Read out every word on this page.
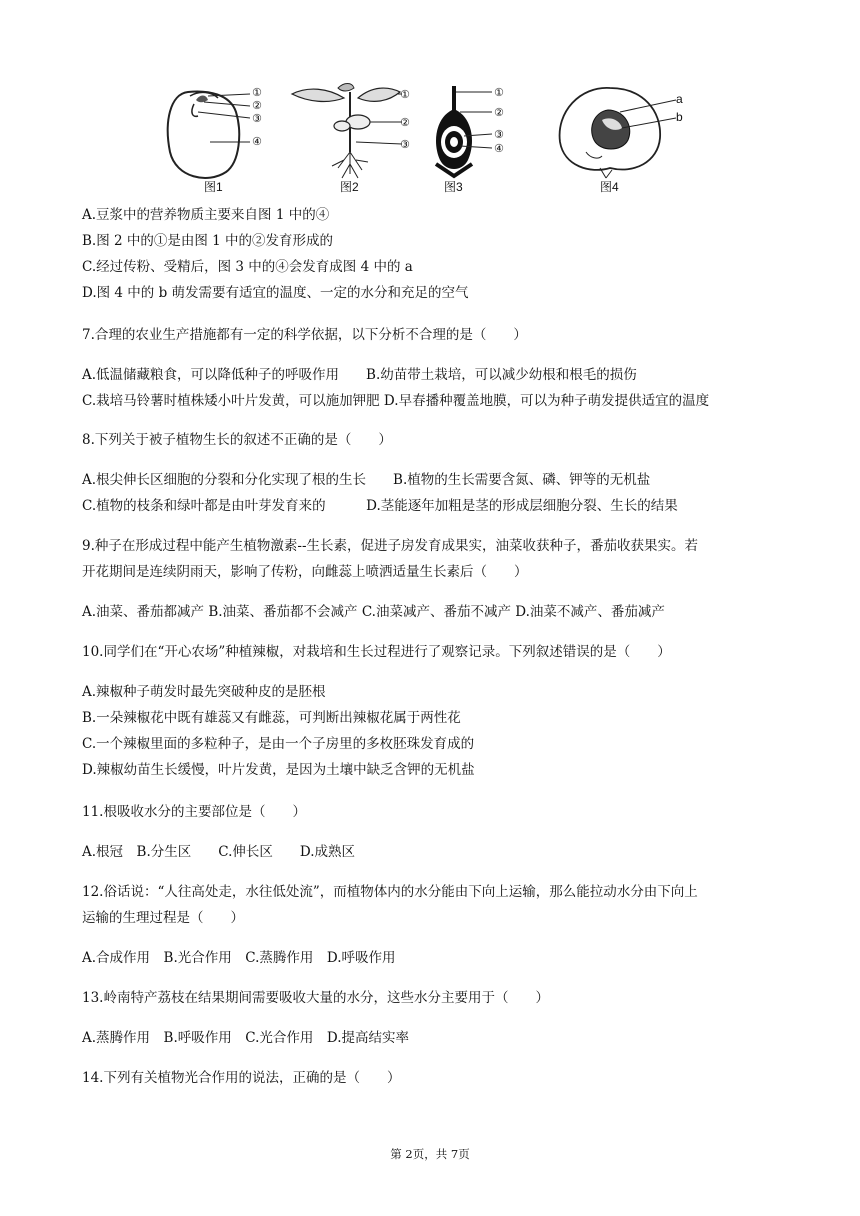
①
②
③
④
图1
①
②
③
图2
①
②
③
④
图3
a
b
图4
A.豆浆中的营养物质主要来自图 1 中的④
B.图 2 中的①是由图 1 中的②发育形成的
C.经过传粉、受精后，图 3 中的④会发育成图 4 中的 a
D.图 4 中的 b 萌发需要有适宜的温度、一定的水分和充足的空气
7.合理的农业生产措施都有一定的科学依据，以下分析不合理的是（　　）
A.低温储藏粮食，可以降低种子的呼吸作用　　B.幼苗带土栽培，可以减少幼根和根毛的损伤
C.栽培马铃薯时植株矮小叶片发黄，可以施加钾肥 D.早春播种覆盖地膜，可以为种子萌发提供适宜的温度
8.下列关于被子植物生长的叙述不正确的是（　　）
A.根尖伸长区细胞的分裂和分化实现了根的生长　　B.植物的生长需要含氮、磷、钾等的无机盐
C.植物的枝条和绿叶都是由叶芽发育来的　　　D.茎能逐年加粗是茎的形成层细胞分裂、生长的结果
9.种子在形成过程中能产生植物激素--生长素，促进子房发育成果实，油菜收获种子，番茄收获果实。若
开花期间是连续阴雨天，影响了传粉，向雌蕊上喷洒适量生长素后（　　）
A.油菜、番茄都减产 B.油菜、番茄都不会减产 C.油菜减产、番茄不减产 D.油菜不减产、番茄减产
10.同学们在“开心农场”种植辣椒，对栽培和生长过程进行了观察记录。下列叙述错误的是（　　）
A.辣椒种子萌发时最先突破种皮的是胚根
B.一朵辣椒花中既有雄蕊又有雌蕊，可判断出辣椒花属于两性花
C.一个辣椒里面的多粒种子，是由一个子房里的多枚胚珠发育成的
D.辣椒幼苗生长缓慢，叶片发黄，是因为土壤中缺乏含钾的无机盐
11.根吸收水分的主要部位是（　　）
A.根冠　B.分生区　　C.伸长区　　D.成熟区
12.俗话说：“人往高处走，水往低处流”，而植物体内的水分能由下向上运输，那么能拉动水分由下向上
运输的生理过程是（　　）
A.合成作用　B.光合作用　C.蒸腾作用　D.呼吸作用
13.岭南特产荔枝在结果期间需要吸收大量的水分，这些水分主要用于（　　）
A.蒸腾作用　B.呼吸作用　C.光合作用　D.提高结实率
14.下列有关植物光合作用的说法，正确的是（　　）
第 2页，共 7页
